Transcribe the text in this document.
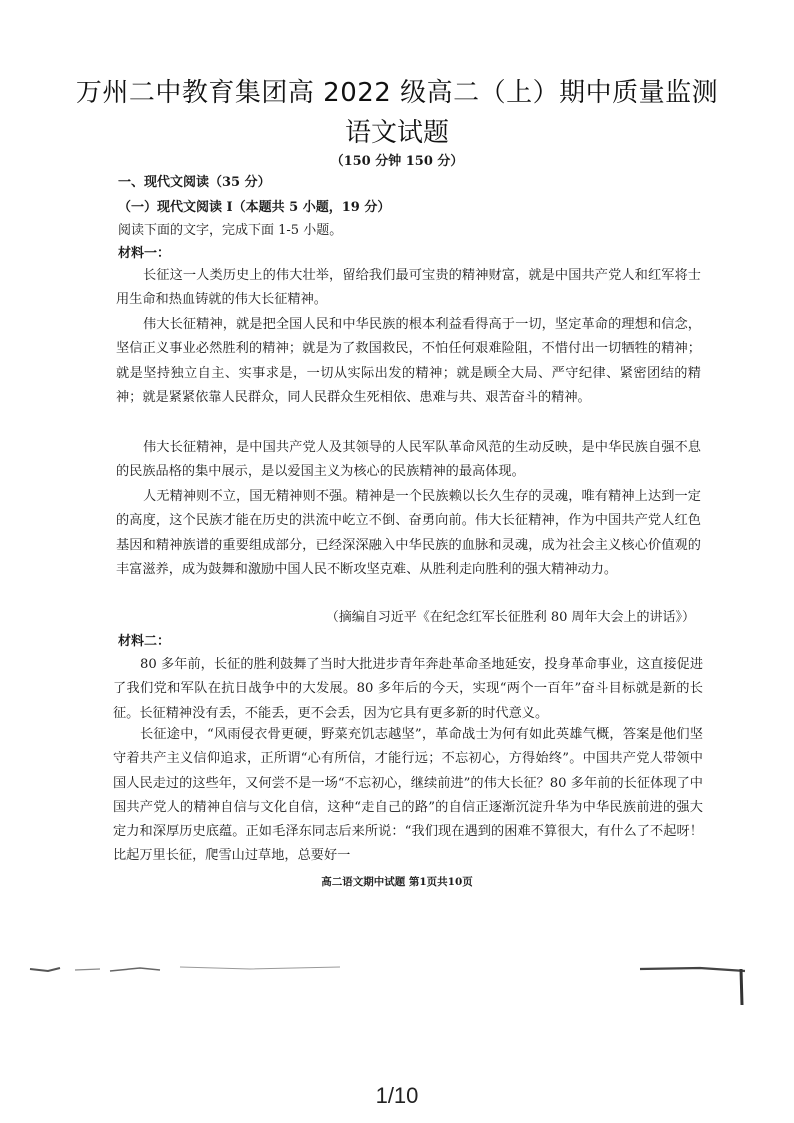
万州二中教育集团高 2022 级高二（上）期中质量监测
语文试题
（150 分钟 150 分）
一、现代文阅读（35 分）
（一）现代文阅读 I（本题共 5 小题，19 分）
阅读下面的文字，完成下面 1-5 小题。
材料一：

长征这一人类历史上的伟大壮举，留给我们最可宝贵的精神财富，就是中国共产党人和红军将士用生命和热血铸就的伟大长征精神。

伟大长征精神，就是把全国人民和中华民族的根本利益看得高于一切，坚定革命的理想和信念，坚信正义事业必然胜利的精神；就是为了救国救民，不怕任何艰难险阻，不惜付出一切牺牲的精神；就是坚持独立自主、实事求是，一切从实际出发的精神；就是顾全大局、严守纪律、紧密团结的精神；就是紧紧依靠人民群众，同人民群众生死相依、患难与共、艰苦奋斗的精神。

伟大长征精神，是中国共产党人及其领导的人民军队革命风范的生动反映，是中华民族自强不息的民族品格的集中展示，是以爱国主义为核心的民族精神的最高体现。

人无精神则不立，国无精神则不强。精神是一个民族赖以长久生存的灵魂，唯有精神上达到一定的高度，这个民族才能在历史的洪流中屹立不倒、奋勇向前。伟大长征精神，作为中国共产党人红色基因和精神族谱的重要组成部分，已经深深融入中华民族的血脉和灵魂，成为社会主义核心价值观的丰富滋养，成为鼓舞和激励中国人民不断攻坚克难、从胜利走向胜利的强大精神动力。

（摘编自习近平《在纪念红军长征胜利 80 周年大会上的讲话》）
材料二：

80 多年前，长征的胜利鼓舞了当时大批进步青年奔赴革命圣地延安，投身革命事业，这直接促进了我们党和军队在抗日战争中的大发展。80 多年后的今天，实现“两个一百年”奋斗目标就是新的长征。长征精神没有丢，不能丢，更不会丢，因为它具有更多新的时代意义。

长征途中，“风雨侵衣骨更硬，野菜充饥志越坚”，革命战士为何有如此英雄气概，答案是他们坚守着共产主义信仰追求，正所谓“心有所信，才能行远；不忘初心，方得始终”。中国共产党人带领中国人民走过的这些年，又何尝不是一场“不忘初心，继续前进”的伟大长征？80 多年前的长征体现了中国共产党人的精神自信与文化自信，这种“走自己的路”的自信正逐渐沉淀升华为中华民族前进的强大定力和深厚历史底蕴。正如毛泽东同志后来所说：“我们现在遇到的困难不算很大，有什么了不起呀！比起万里长征，爬雪山过草地，总要好一

高二语文期中试题 第1页共10页
1/10
